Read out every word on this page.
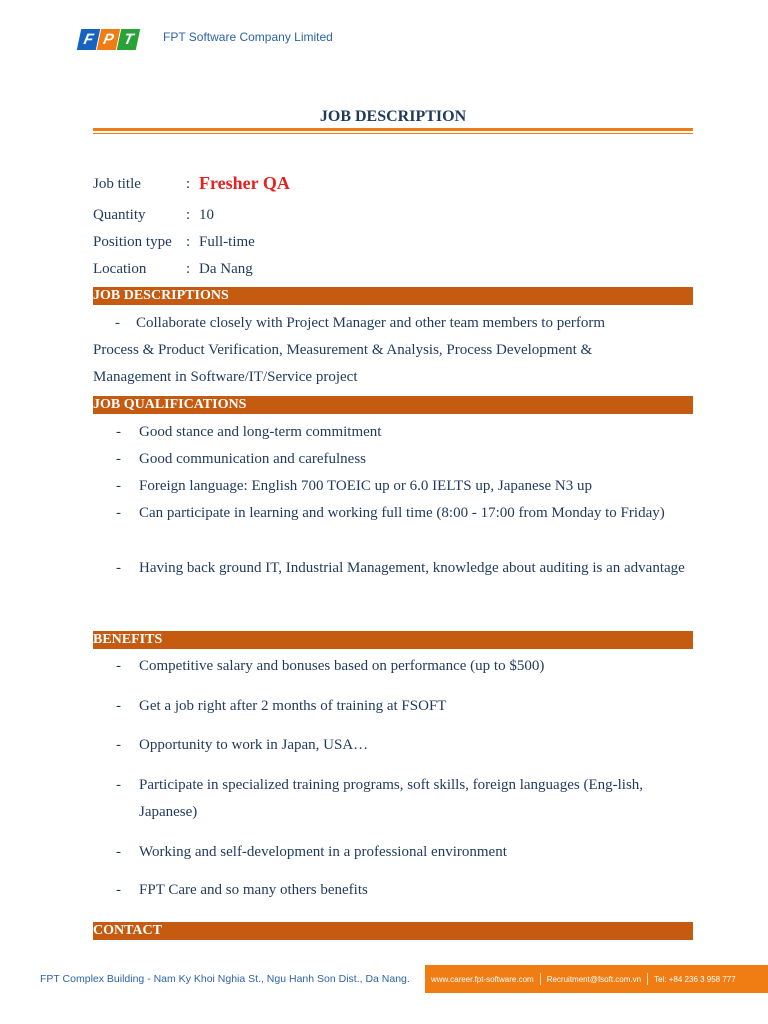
F P T	FPT Software Company Limited
JOB DESCRIPTION
Job title	: Fresher QA
Quantity	: 10
Position type : Full-time
Location	: Da Nang
JOB DESCRIPTIONS
- Collaborate closely with Project Manager and other team members to perform
Process & Product Verification, Measurement & Analysis, Process Development &
Management in Software/IT/Service project
JOB QUALIFICATIONS
- Good stance and long-term commitment
- Good communication and carefulness
- Foreign language: English 700 TOEIC up or 6.0 IELTS up, Japanese N3 up
- Can participate in learning and working full time (8:00 - 17:00 from Monday to Friday)
- Having back ground IT, Industrial Management, knowledge about auditing is an advantage
BENEFITS
- Competitive salary and bonuses based on performance (up to $500)
- Get a job right after 2 months of training at FSOFT
- Opportunity to work in Japan, USA…
- Participate in specialized training programs, soft skills, foreign languages (Eng-lish, Japanese)
- Working and self-development in a professional environment
- FPT Care and so many others benefits
CONTACT
FPT Complex Building - Nam Ky Khoi Nghia St., Ngu Hanh Son Dist., Da Nang.	www.career.fpt-software.com	Recruitment@fsoft.com.vn	Tel: +84 236 3 958 777
